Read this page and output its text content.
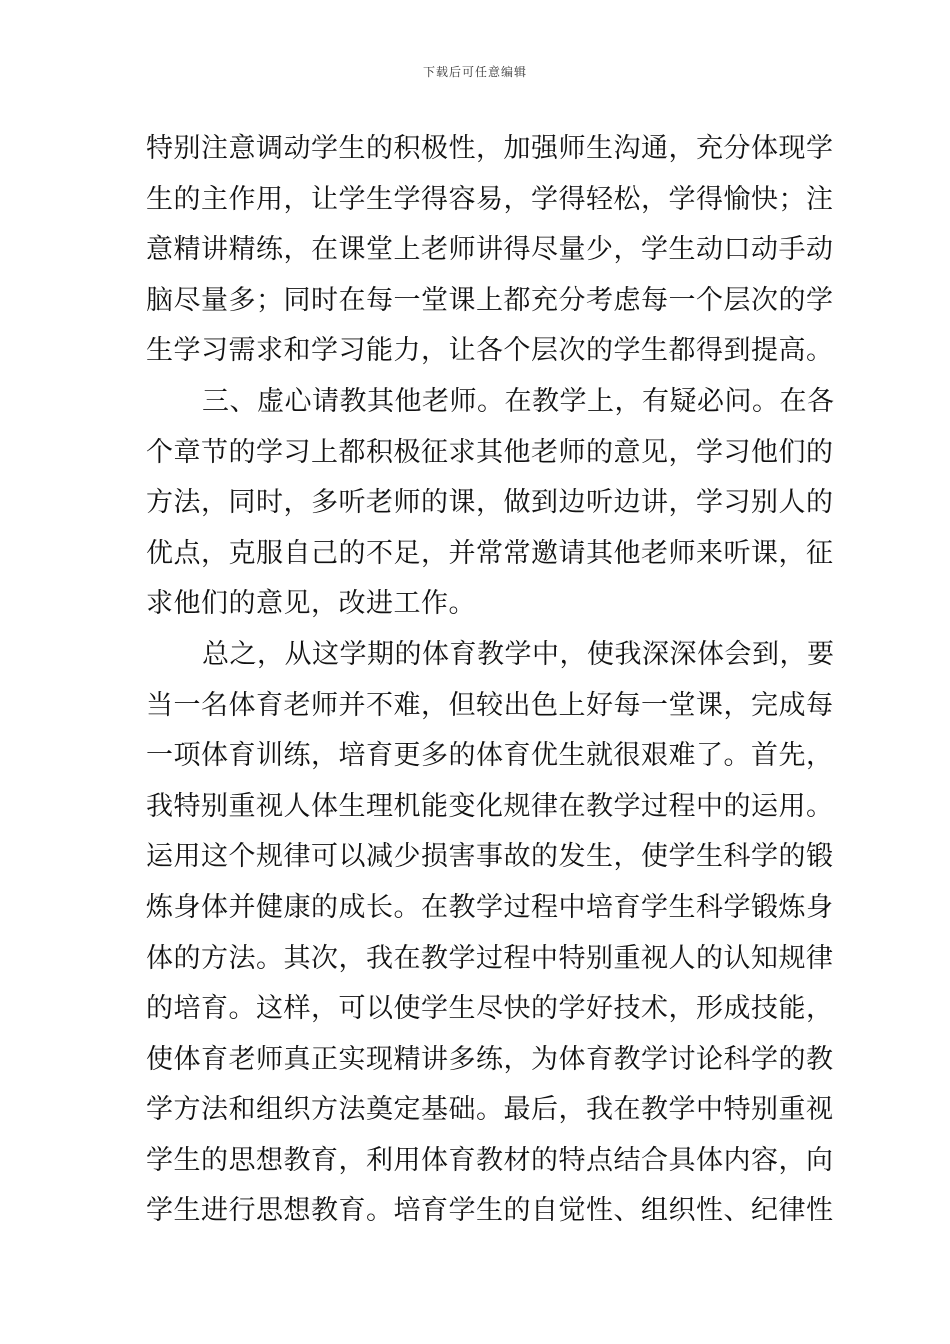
下载后可任意编辑
特别注意调动学生的积极性，加强师生沟通，充分体现学
生的主作用，让学生学得容易，学得轻松，学得愉快；注
意精讲精练，在课堂上老师讲得尽量少，学生动口动手动
脑尽量多；同时在每一堂课上都充分考虑每一个层次的学
生学习需求和学习能力，让各个层次的学生都得到提高。
三、虚心请教其他老师。在教学上，有疑必问。在各
个章节的学习上都积极征求其他老师的意见，学习他们的
方法，同时，多听老师的课，做到边听边讲，学习别人的
优点，克服自己的不足，并常常邀请其他老师来听课，征
求他们的意见，改进工作。
总之，从这学期的体育教学中，使我深深体会到，要
当一名体育老师并不难，但较出色上好每一堂课，完成每
一项体育训练，培育更多的体育优生就很艰难了。首先，
我特别重视人体生理机能变化规律在教学过程中的运用。
运用这个规律可以减少损害事故的发生，使学生科学的锻
炼身体并健康的成长。在教学过程中培育学生科学锻炼身
体的方法。其次，我在教学过程中特别重视人的认知规律
的培育。这样，可以使学生尽快的学好技术，形成技能，
使体育老师真正实现精讲多练，为体育教学讨论科学的教
学方法和组织方法奠定基础。最后，我在教学中特别重视
学生的思想教育，利用体育教材的特点结合具体内容，向
学生进行思想教育。培育学生的自觉性、组织性、纪律性
